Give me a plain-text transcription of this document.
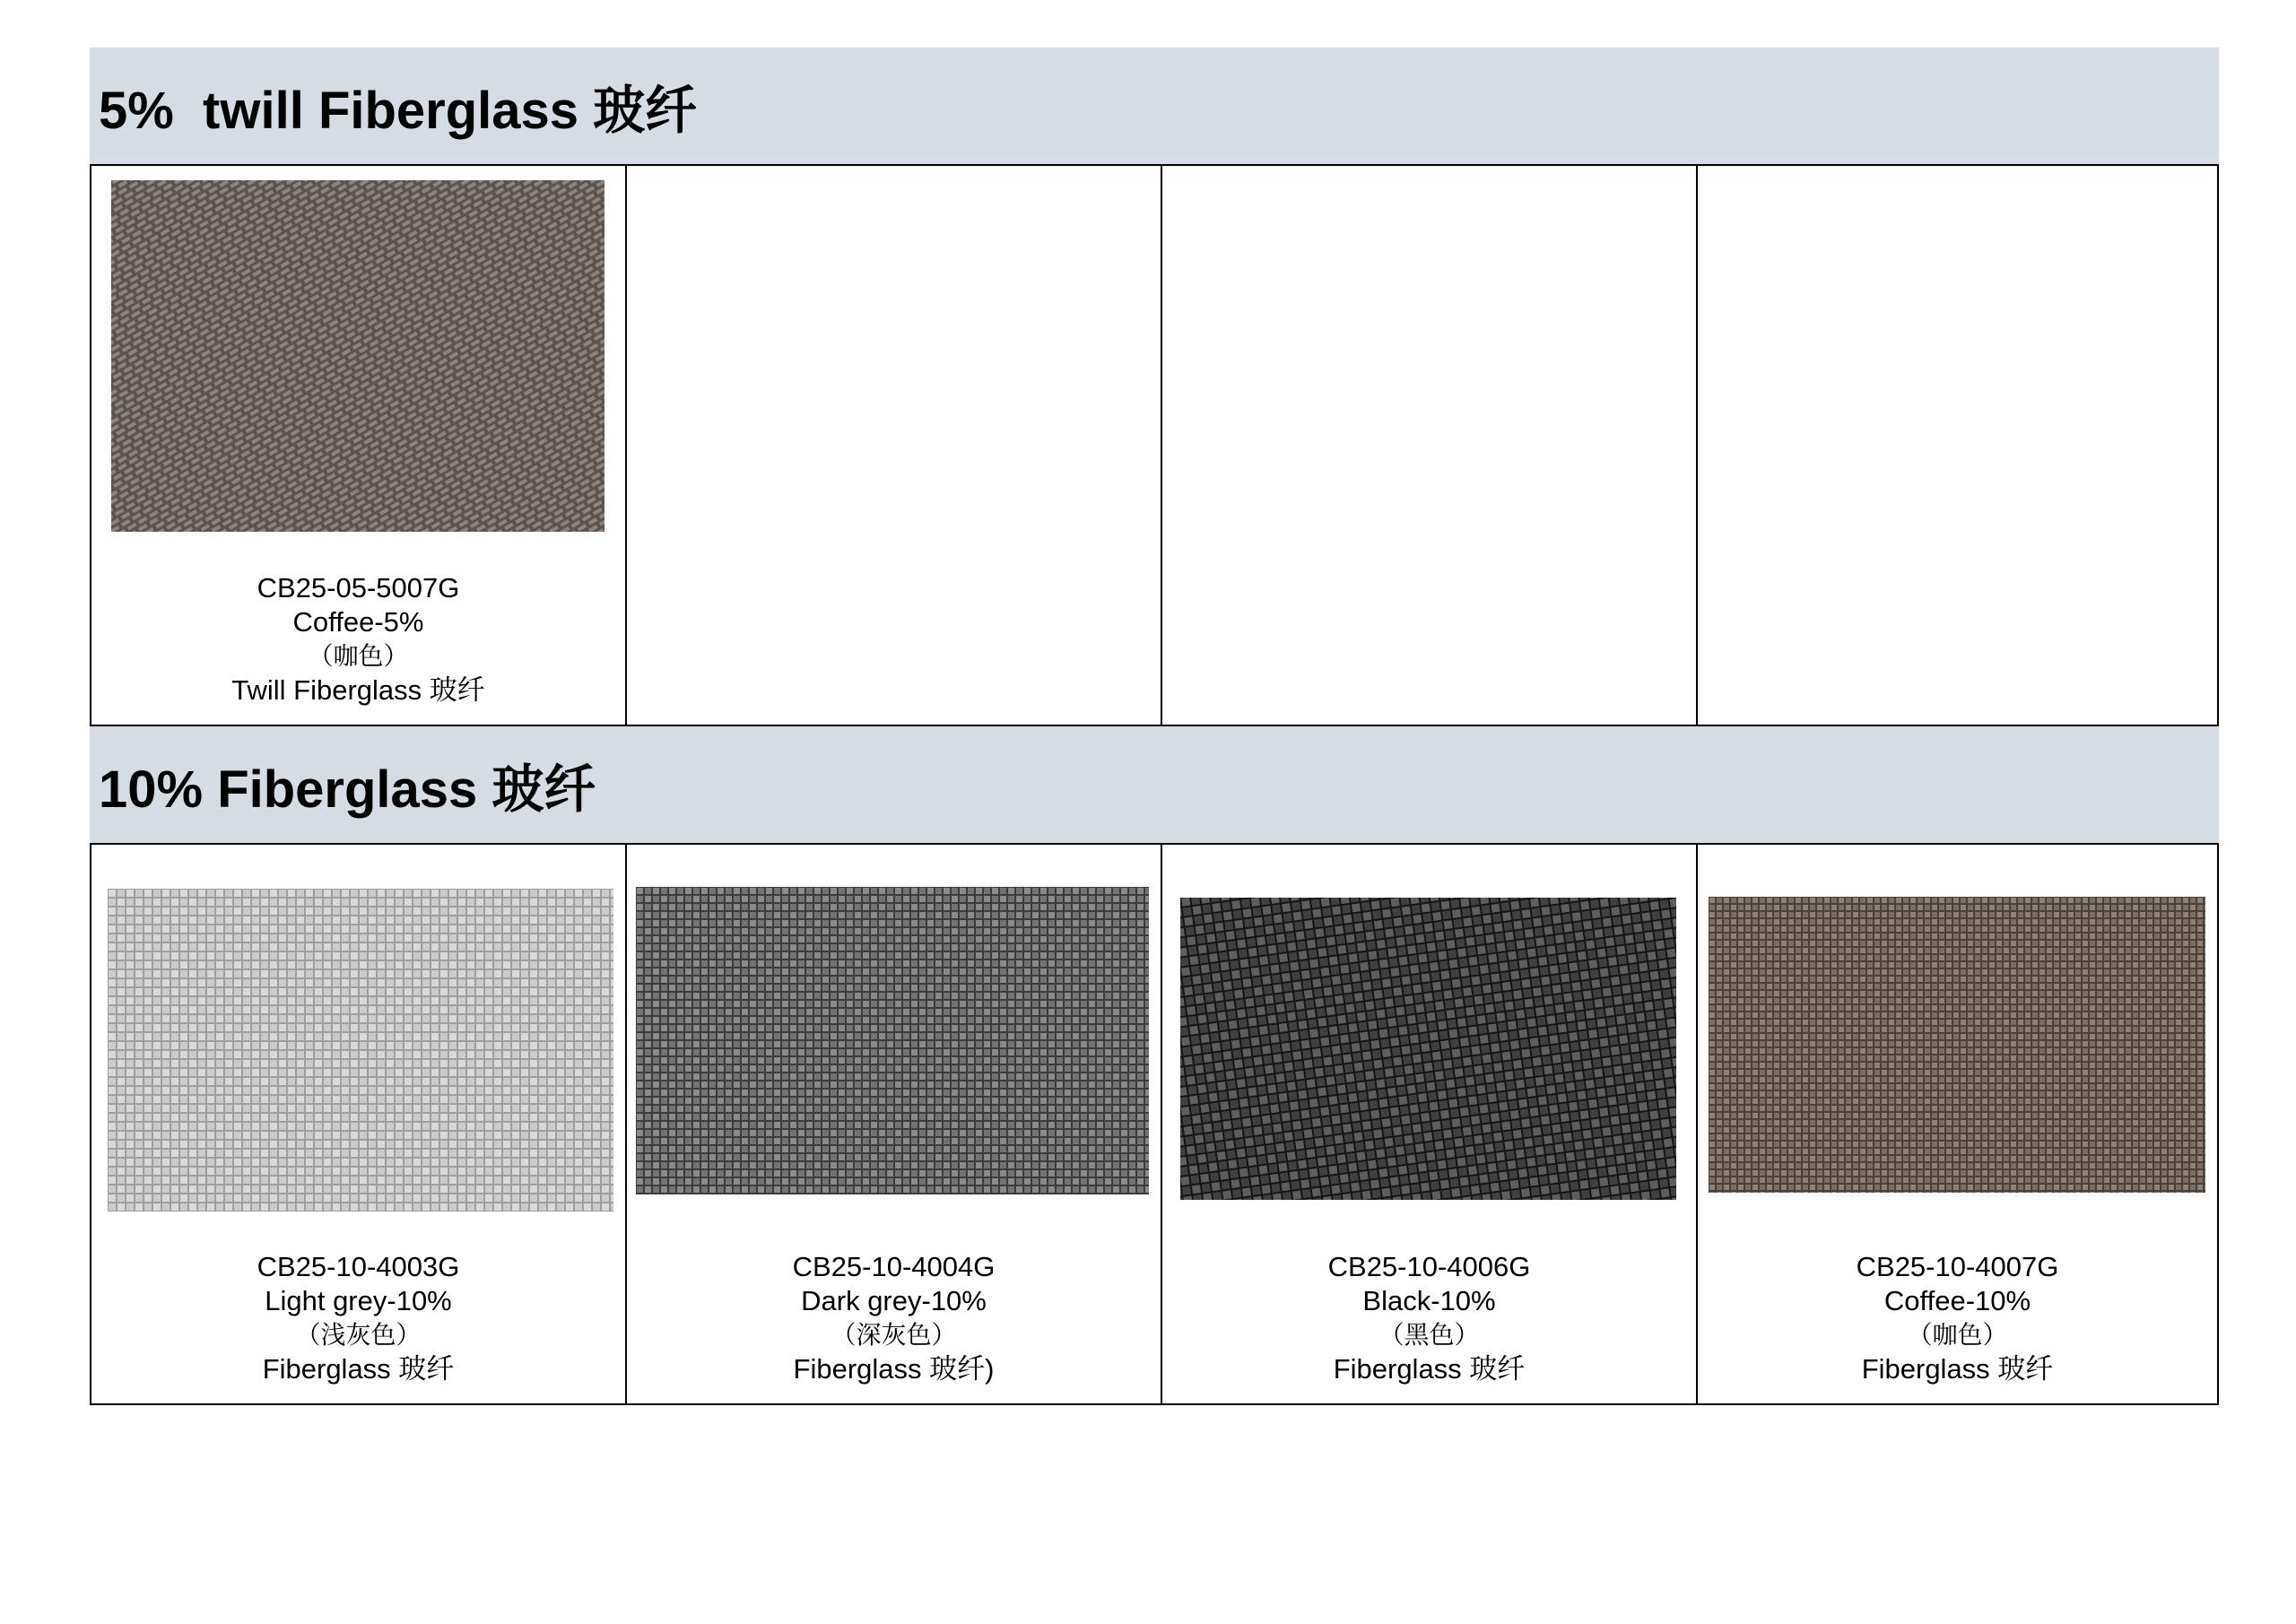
5%  twill Fiberglass 玻纤
CB25-05-5007G
Coffee-5%
（咖色）
Twill Fiberglass 玻纤
10% Fiberglass 玻纤
CB25-10-4003G
Light grey-10%
（浅灰色）
Fiberglass 玻纤
CB25-10-4004G
Dark grey-10%
（深灰色）
Fiberglass 玻纤)
CB25-10-4006G
Black-10%
（黑色）
Fiberglass 玻纤
CB25-10-4007G
Coffee-10%
（咖色）
Fiberglass 玻纤
